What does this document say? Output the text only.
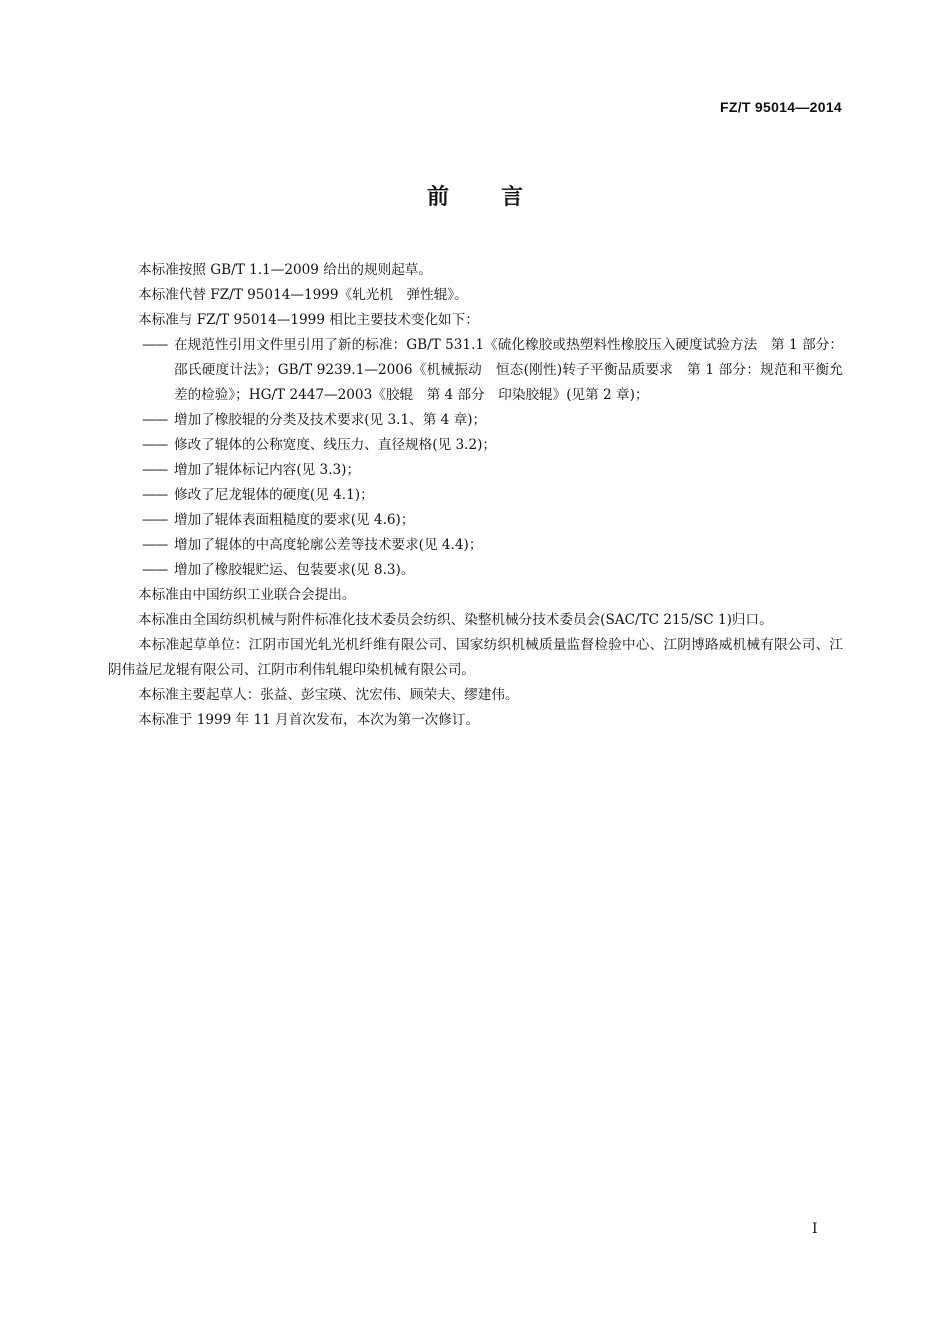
FZ/T 95014—2014
前 言

本标准按照 GB/T 1.1—2009 给出的规则起草。

本标准代替 FZ/T 95014—1999《轧光机　弹性辊》。

本标准与 FZ/T 95014—1999 相比主要技术变化如下：

—— 在规范性引用文件里引用了新的标准：GB/T 531.1《硫化橡胶或热塑料性橡胶压入硬度试验方法　第 1 部分：邵氏硬度计法》；GB/T 9239.1—2006《机械振动　恒态(刚性)转子平衡品质要求　第 1 部分：规范和平衡允差的检验》；HG/T 2447—2003《胶辊　第 4 部分　印染胶辊》(见第 2 章)；
—— 增加了橡胶辊的分类及技术要求(见 3.1、第 4 章)；
—— 修改了辊体的公称宽度、线压力、直径规格(见 3.2)；
—— 增加了辊体标记内容(见 3.3)；
—— 修改了尼龙辊体的硬度(见 4.1)；
—— 增加了辊体表面粗糙度的要求(见 4.6)；
—— 增加了辊体的中高度轮廓公差等技术要求(见 4.4)；
—— 增加了橡胶辊贮运、包装要求(见 8.3)。

本标准由中国纺织工业联合会提出。

本标准由全国纺织机械与附件标准化技术委员会纺织、染整机械分技术委员会(SAC/TC 215/SC 1)归口。

本标准起草单位：江阴市国光轧光机纤维有限公司、国家纺织机械质量监督检验中心、江阴博路威机械有限公司、江阴伟益尼龙辊有限公司、江阴市利伟轧辊印染机械有限公司。

本标准主要起草人：张益、彭宝瑛、沈宏伟、顾荣夫、缪建伟。

本标准于 1999 年 11 月首次发布，本次为第一次修订。

I
